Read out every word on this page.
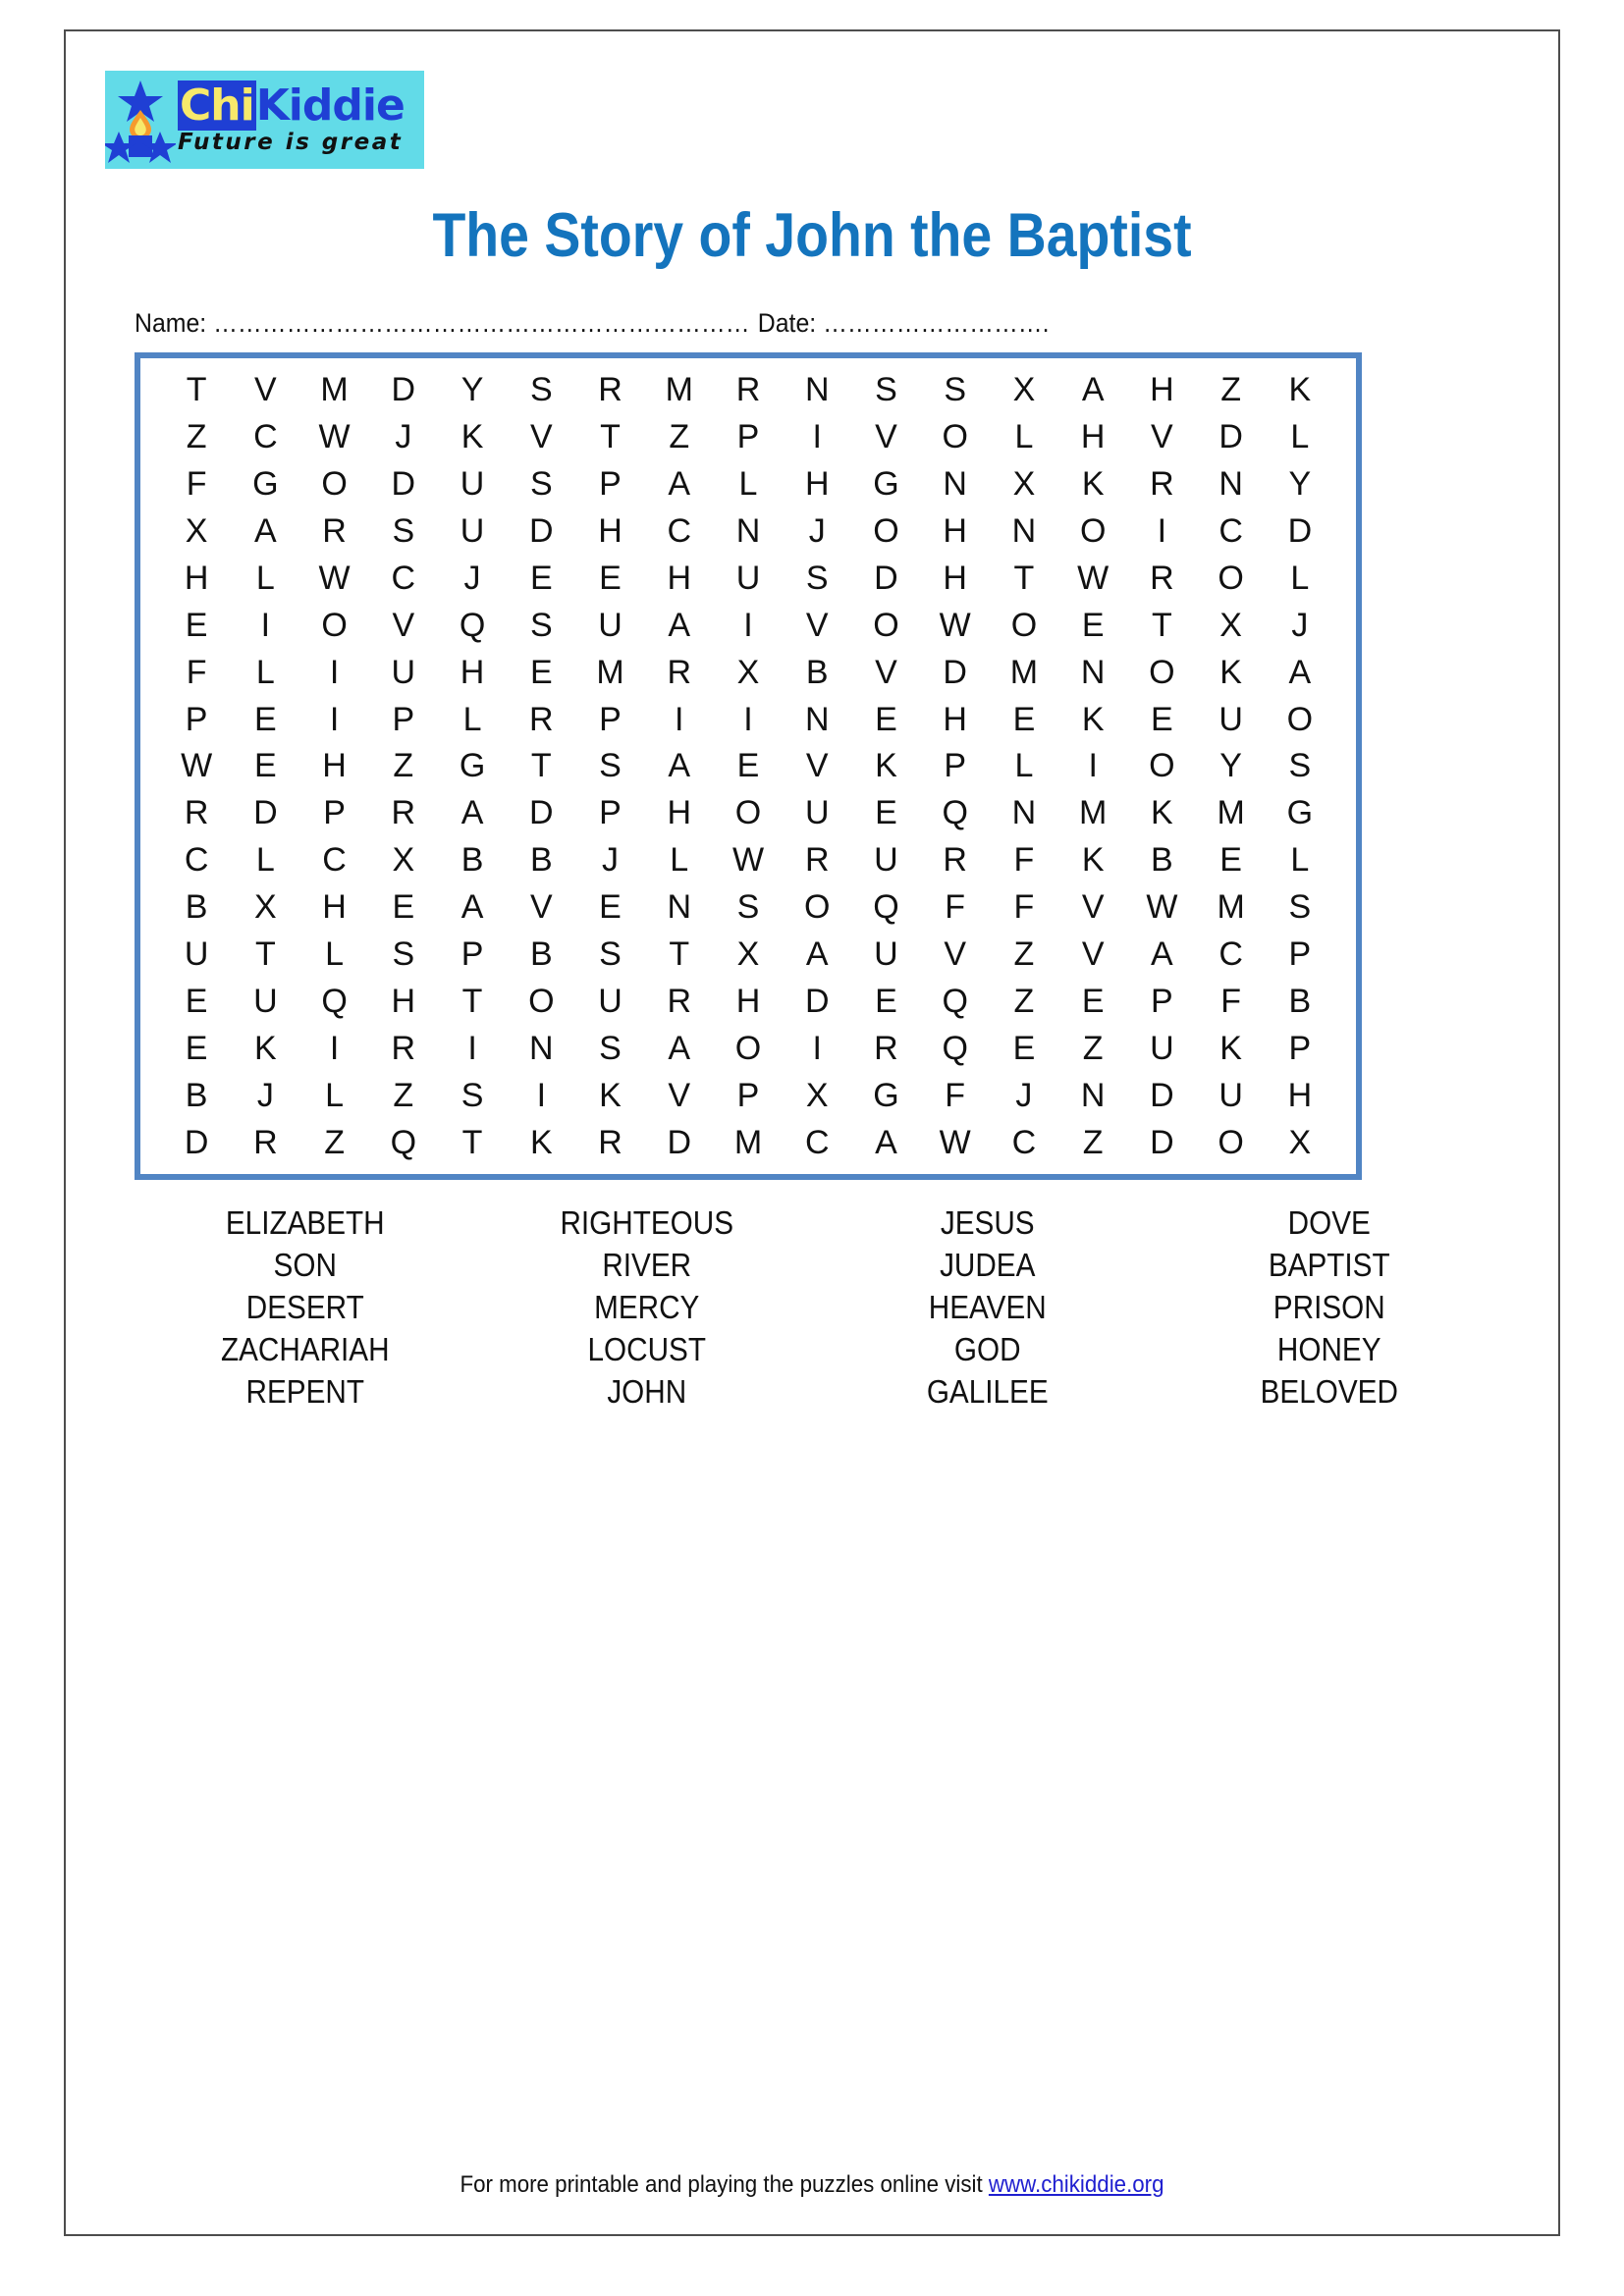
ChiKiddie
Future is great
The Story of John the Baptist
Name: ………………………………………………………… Date: ……………………….
T	V	M	D	Y	S	R	M	R	N	S	S	X	A	H	Z	K
Z	C	W	J	K	V	T	Z	P	I	V	O	L	H	V	D	L
F	G	O	D	U	S	P	A	L	H	G	N	X	K	R	N	Y
X	A	R	S	U	D	H	C	N	J	O	H	N	O	I	C	D
H	L	W	C	J	E	E	H	U	S	D	H	T	W	R	O	L
E	I	O	V	Q	S	U	A	I	V	O	W	O	E	T	X	J
F	L	I	U	H	E	M	R	X	B	V	D	M	N	O	K	A
P	E	I	P	L	R	P	I	I	N	E	H	E	K	E	U	O
W	E	H	Z	G	T	S	A	E	V	K	P	L	I	O	Y	S
R	D	P	R	A	D	P	H	O	U	E	Q	N	M	K	M	G
C	L	C	X	B	B	J	L	W	R	U	R	F	K	B	E	L
B	X	H	E	A	V	E	N	S	O	Q	F	F	V	W	M	S
U	T	L	S	P	B	S	T	X	A	U	V	Z	V	A	C	P
E	U	Q	H	T	O	U	R	H	D	E	Q	Z	E	P	F	B
E	K	I	R	I	N	S	A	O	I	R	Q	E	Z	U	K	P
B	J	L	Z	S	I	K	V	P	X	G	F	J	N	D	U	H
D	R	Z	Q	T	K	R	D	M	C	A	W	C	Z	D	O	X
ELIZABETH	RIGHTEOUS	JESUS	DOVE
SON	RIVER	JUDEA	BAPTIST
DESERT	MERCY	HEAVEN	PRISON
ZACHARIAH	LOCUST	GOD	HONEY
REPENT	JOHN	GALILEE	BELOVED
For more printable and playing the puzzles online visit www.chikiddie.org
